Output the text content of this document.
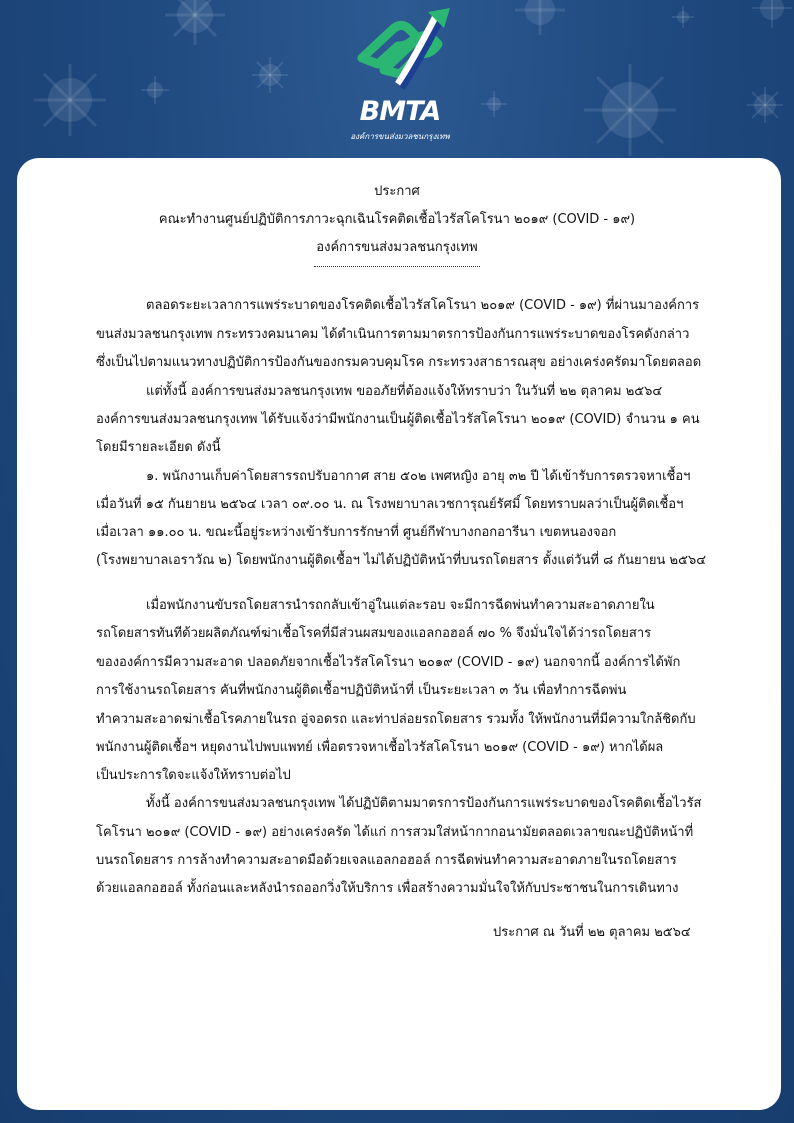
BMTA
องค์การขนส่งมวลชนกรุงเทพ
ประกาศ
คณะทำงานศูนย์ปฏิบัติการภาวะฉุกเฉินโรคติดเชื้อไวรัสโคโรนา ๒๐๑๙ (COVID - ๑๙)
องค์การขนส่งมวลชนกรุงเทพ
ตลอดระยะเวลาการแพร่ระบาดของโรคติดเชื้อไวรัสโคโรนา ๒๐๑๙ (COVID - ๑๙) ที่ผ่านมาองค์การ
ขนส่งมวลชนกรุงเทพ กระทรวงคมนาคม ได้ดำเนินการตามมาตรการป้องกันการแพร่ระบาดของโรคดังกล่าว
ซึ่งเป็นไปตามแนวทางปฏิบัติการป้องกันของกรมควบคุมโรค กระทรวงสาธารณสุข อย่างเคร่งครัดมาโดยตลอด
แต่ทั้งนี้ องค์การขนส่งมวลชนกรุงเทพ ขออภัยที่ต้องแจ้งให้ทราบว่า ในวันที่ ๒๒ ตุลาคม ๒๕๖๔
องค์การขนส่งมวลชนกรุงเทพ ได้รับแจ้งว่ามีพนักงานเป็นผู้ติดเชื้อไวรัสโคโรนา ๒๐๑๙ (COVID) จำนวน ๑ คน
โดยมีรายละเอียด ดังนี้
๑. พนักงานเก็บค่าโดยสารรถปรับอากาศ สาย ๕๐๒ เพศหญิง อายุ ๓๒ ปี ได้เข้ารับการตรวจหาเชื้อฯ
เมื่อวันที่ ๑๕ กันยายน ๒๕๖๔ เวลา ๐๙.๐๐ น. ณ โรงพยาบาลเวชการุณย์รัศมิ์ โดยทราบผลว่าเป็นผู้ติดเชื้อฯ
เมื่อเวลา ๑๑.๐๐ น. ขณะนี้อยู่ระหว่างเข้ารับการรักษาที่ ศูนย์กีฬาบางกอกอารีนา เขตหนองจอก
(โรงพยาบาลเอราวัณ ๒) โดยพนักงานผู้ติดเชื้อฯ ไม่ได้ปฏิบัติหน้าที่บนรถโดยสาร ตั้งแต่วันที่ ๘ กันยายน ๒๕๖๔
เมื่อพนักงานขับรถโดยสารนำรถกลับเข้าอู่ในแต่ละรอบ จะมีการฉีดพ่นทำความสะอาดภายใน
รถโดยสารทันทีด้วยผลิตภัณฑ์ฆ่าเชื้อโรคที่มีส่วนผสมของแอลกอฮอล์ ๗๐ % จึงมั่นใจได้ว่ารถโดยสาร
ขององค์การมีความสะอาด ปลอดภัยจากเชื้อไวรัสโคโรนา ๒๐๑๙ (COVID - ๑๙) นอกจากนี้ องค์การได้พัก
การใช้งานรถโดยสาร คันที่พนักงานผู้ติดเชื้อฯปฏิบัติหน้าที่ เป็นระยะเวลา ๓ วัน เพื่อทำการฉีดพ่น
ทำความสะอาดฆ่าเชื้อโรคภายในรถ อู่จอดรถ และท่าปล่อยรถโดยสาร รวมทั้ง ให้พนักงานที่มีความใกล้ชิดกับ
พนักงานผู้ติดเชื้อฯ หยุดงานไปพบแพทย์ เพื่อตรวจหาเชื้อไวรัสโคโรนา ๒๐๑๙ (COVID - ๑๙) หากได้ผล
เป็นประการใดจะแจ้งให้ทราบต่อไป
ทั้งนี้ องค์การขนส่งมวลชนกรุงเทพ ได้ปฏิบัติตามมาตรการป้องกันการแพร่ระบาดของโรคติดเชื้อไวรัส
โคโรนา ๒๐๑๙ (COVID - ๑๙) อย่างเคร่งครัด ได้แก่ การสวมใส่หน้ากากอนามัยตลอดเวลาขณะปฏิบัติหน้าที่
บนรถโดยสาร การล้างทำความสะอาดมือด้วยเจลแอลกอฮอล์ การฉีดพ่นทำความสะอาดภายในรถโดยสาร
ด้วยแอลกอฮอล์ ทั้งก่อนและหลังนำรถออกวิ่งให้บริการ เพื่อสร้างความมั่นใจให้กับประชาชนในการเดินทาง
ประกาศ ณ วันที่ ๒๒ ตุลาคม ๒๕๖๔
